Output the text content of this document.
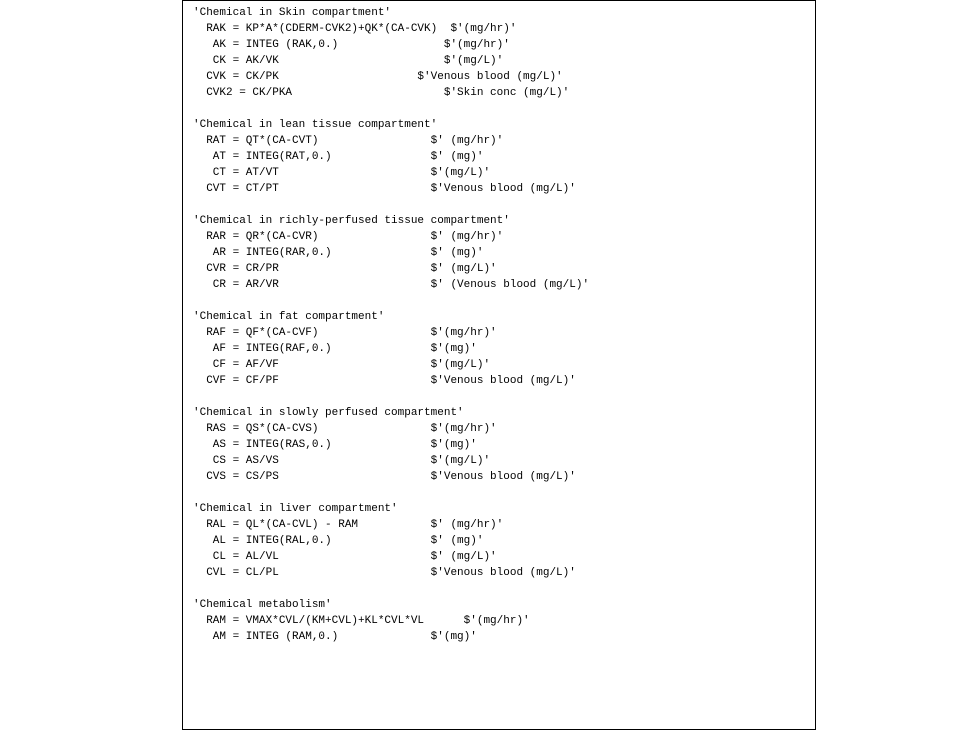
'Chemical in Skin compartment'
RAK = KP*A*(CDERM-CVK2)+QK*(CA-CVK)  $'(mg/hr)'
AK = INTEG (RAK,0.)                $'(mg/hr)'
CK = AK/VK                         $'(mg/L)'
CVK = CK/PK                     $'Venous blood (mg/L)'
CVK2 = CK/PKA                       $'Skin conc (mg/L)'
'Chemical in lean tissue compartment'
RAT = QT*(CA-CVT)                 $' (mg/hr)'
AT = INTEG(RAT,0.)               $' (mg)'
CT = AT/VT                       $'(mg/L)'
CVT = CT/PT                       $'Venous blood (mg/L)'
'Chemical in richly-perfused tissue compartment'
RAR = QR*(CA-CVR)                 $' (mg/hr)'
AR = INTEG(RAR,0.)               $' (mg)'
CVR = CR/PR                       $' (mg/L)'
CR = AR/VR                       $' (Venous blood (mg/L)'
'Chemical in fat compartment'
RAF = QF*(CA-CVF)                 $'(mg/hr)'
AF = INTEG(RAF,0.)               $'(mg)'
CF = AF/VF                       $'(mg/L)'
CVF = CF/PF                       $'Venous blood (mg/L)'
'Chemical in slowly perfused compartment'
RAS = QS*(CA-CVS)                 $'(mg/hr)'
AS = INTEG(RAS,0.)               $'(mg)'
CS = AS/VS                       $'(mg/L)'
CVS = CS/PS                       $'Venous blood (mg/L)'
'Chemical in liver compartment'
RAL = QL*(CA-CVL) - RAM           $' (mg/hr)'
AL = INTEG(RAL,0.)               $' (mg)'
CL = AL/VL                       $' (mg/L)'
CVL = CL/PL                       $'Venous blood (mg/L)'
'Chemical metabolism'
RAM = VMAX*CVL/(KM+CVL)+KL*CVL*VL      $'(mg/hr)'
AM = INTEG (RAM,0.)              $'(mg)'
